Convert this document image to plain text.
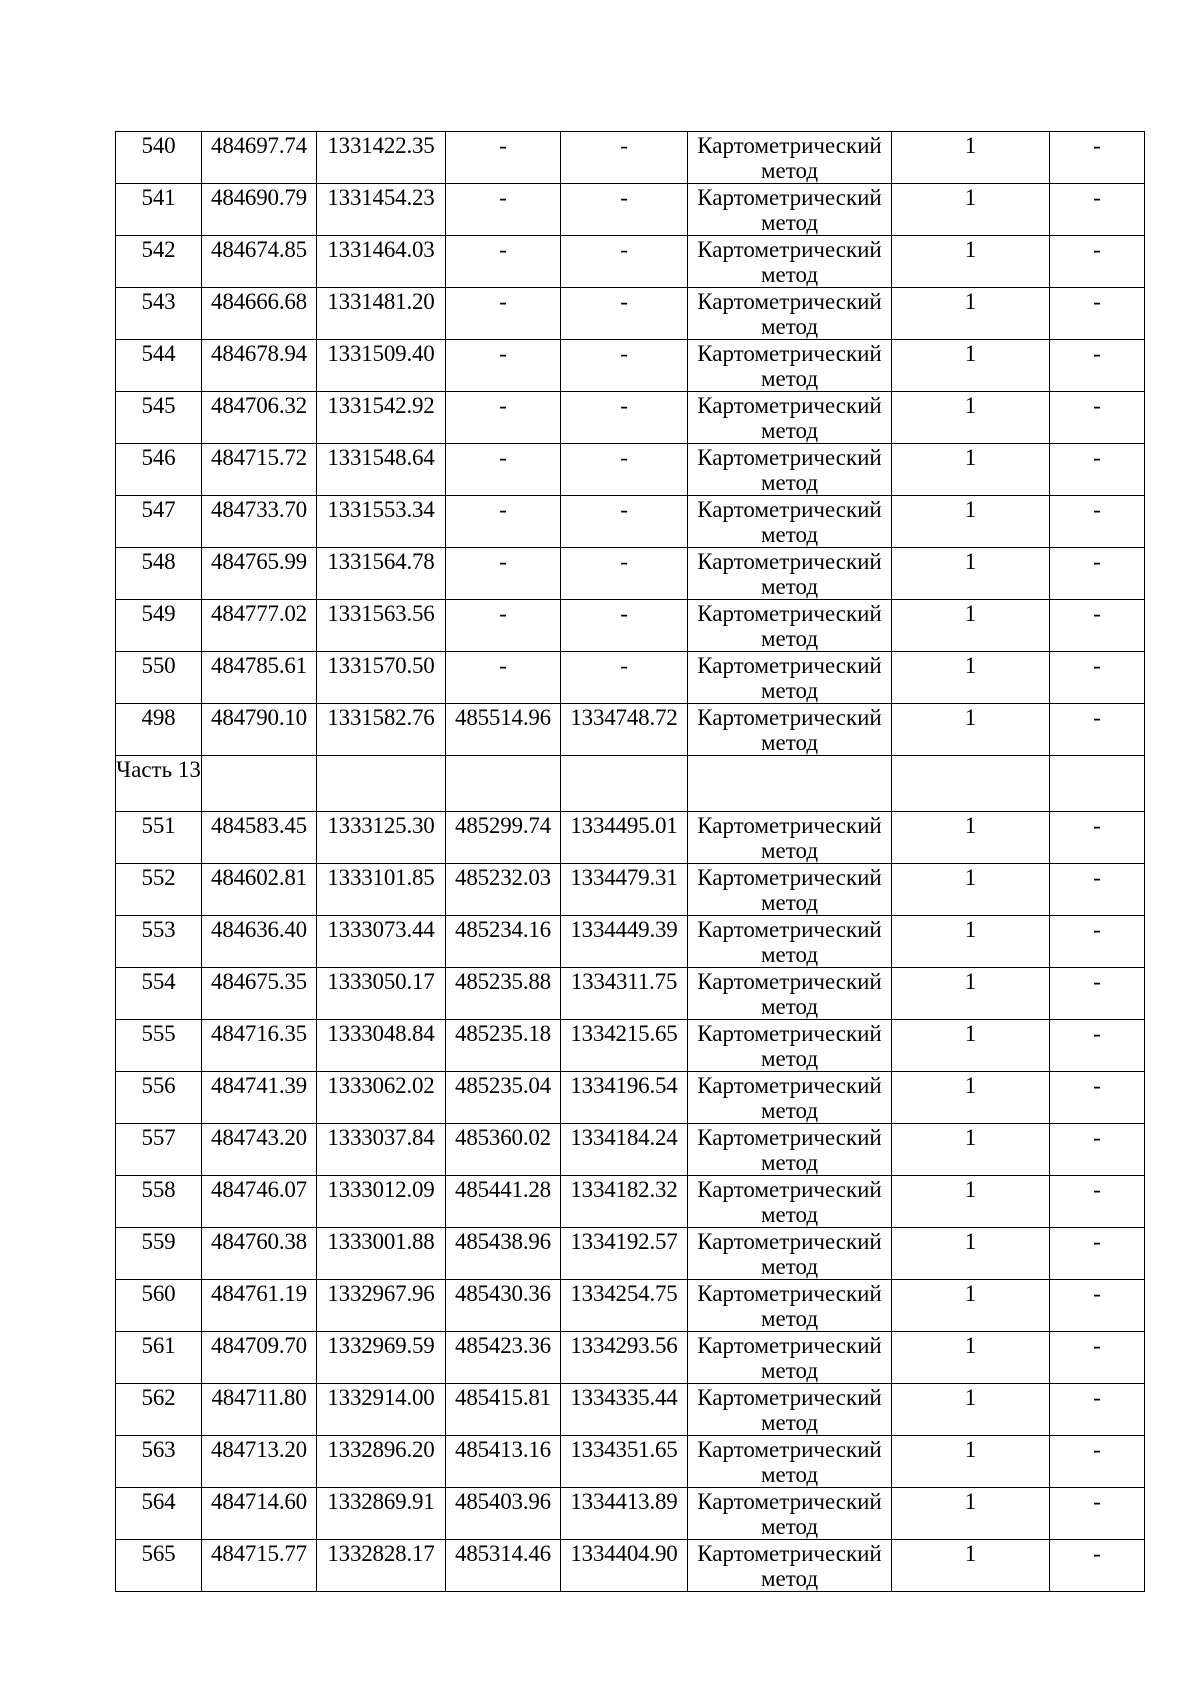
540	484697.74	1331422.35	-	-	Картометрический метод	1	-

541	484690.79	1331454.23	-	-	Картометрический метод	1	-

542	484674.85	1331464.03	-	-	Картометрический метод	1	-

543	484666.68	1331481.20	-	-	Картометрический метод	1	-

544	484678.94	1331509.40	-	-	Картометрический метод	1	-

545	484706.32	1331542.92	-	-	Картометрический метод	1	-

546	484715.72	1331548.64	-	-	Картометрический метод	1	-

547	484733.70	1331553.34	-	-	Картометрический метод	1	-

548	484765.99	1331564.78	-	-	Картометрический метод	1	-

549	484777.02	1331563.56	-	-	Картометрический метод	1	-

550	484785.61	1331570.50	-	-	Картометрический метод	1	-

498	484790.10	1331582.76	485514.96	1334748.72	Картометрический метод	1	-

Часть 13							

551	484583.45	1333125.30	485299.74	1334495.01	Картометрический метод	1	-

552	484602.81	1333101.85	485232.03	1334479.31	Картометрический метод	1	-

553	484636.40	1333073.44	485234.16	1334449.39	Картометрический метод	1	-

554	484675.35	1333050.17	485235.88	1334311.75	Картометрический метод	1	-

555	484716.35	1333048.84	485235.18	1334215.65	Картометрический метод	1	-

556	484741.39	1333062.02	485235.04	1334196.54	Картометрический метод	1	-

557	484743.20	1333037.84	485360.02	1334184.24	Картометрический метод	1	-

558	484746.07	1333012.09	485441.28	1334182.32	Картометрический метод	1	-

559	484760.38	1333001.88	485438.96	1334192.57	Картометрический метод	1	-

560	484761.19	1332967.96	485430.36	1334254.75	Картометрический метод	1	-

561	484709.70	1332969.59	485423.36	1334293.56	Картометрический метод	1	-

562	484711.80	1332914.00	485415.81	1334335.44	Картометрический метод	1	-

563	484713.20	1332896.20	485413.16	1334351.65	Картометрический метод	1	-

564	484714.60	1332869.91	485403.96	1334413.89	Картометрический метод	1	-

565	484715.77	1332828.17	485314.46	1334404.90	Картометрический метод	1	-
